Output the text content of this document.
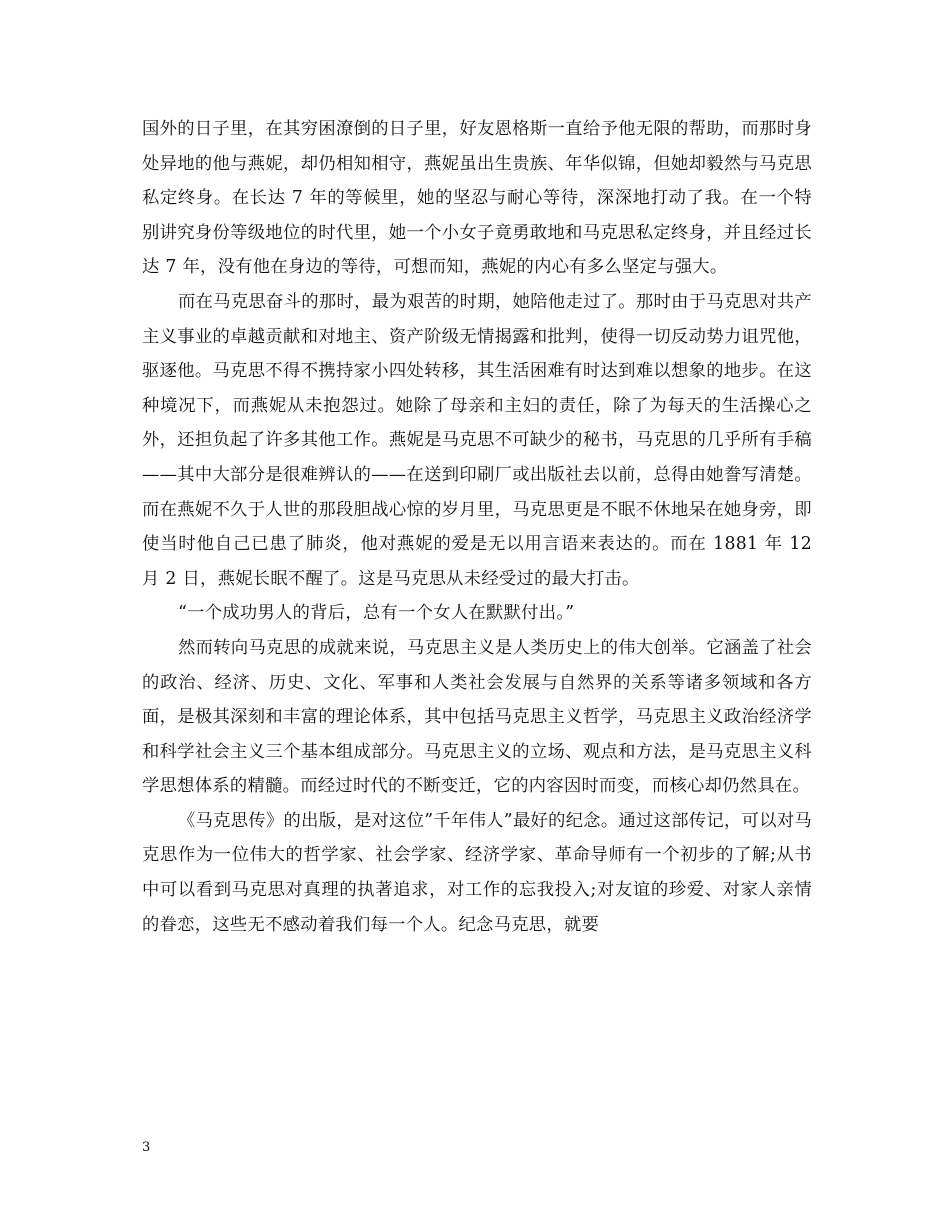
国外的日子里，在其穷困潦倒的日子里，好友恩格斯一直给予他无限的帮助，而那时身处异地的他与燕妮，却仍相知相守，燕妮虽出生贵族、年华似锦，但她却毅然与马克思私定终身。在长达 7 年的等候里，她的坚忍与耐心等待，深深地打动了我。在一个特别讲究身份等级地位的时代里，她一个小女子竟勇敢地和马克思私定终身，并且经过长达 7 年，没有他在身边的等待，可想而知，燕妮的内心有多么坚定与强大。

而在马克思奋斗的那时，最为艰苦的时期，她陪他走过了。那时由于马克思对共产主义事业的卓越贡献和对地主、资产阶级无情揭露和批判，使得一切反动势力诅咒他，驱逐他。马克思不得不携持家小四处转移，其生活困难有时达到难以想象的地步。在这种境况下，而燕妮从未抱怨过。她除了母亲和主妇的责任，除了为每天的生活操心之外，还担负起了许多其他工作。燕妮是马克思不可缺少的秘书，马克思的几乎所有手稿——其中大部分是很难辨认的——在送到印刷厂或出版社去以前，总得由她誊写清楚。而在燕妮不久于人世的那段胆战心惊的岁月里，马克思更是不眠不休地呆在她身旁，即使当时他自己已患了肺炎，他对燕妮的爱是无以用言语来表达的。而在 1881 年 12 月 2 日，燕妮长眠不醒了。这是马克思从未经受过的最大打击。

“一个成功男人的背后，总有一个女人在默默付出。”

然而转向马克思的成就来说，马克思主义是人类历史上的伟大创举。它涵盖了社会的政治、经济、历史、文化、军事和人类社会发展与自然界的关系等诸多领域和各方面，是极其深刻和丰富的理论体系，其中包括马克思主义哲学，马克思主义政治经济学和科学社会主义三个基本组成部分。马克思主义的立场、观点和方法，是马克思主义科学思想体系的精髓。而经过时代的不断变迁，它的内容因时而变，而核心却仍然具在。

《马克思传》的出版，是对这位”千年伟人”最好的纪念。通过这部传记，可以对马克思作为一位伟大的哲学家、社会学家、经济学家、革命导师有一个初步的了解;从书中可以看到马克思对真理的执著追求，对工作的忘我投入;对友谊的珍爱、对家人亲情的眷恋，这些无不感动着我们每一个人。纪念马克思，就要

3
